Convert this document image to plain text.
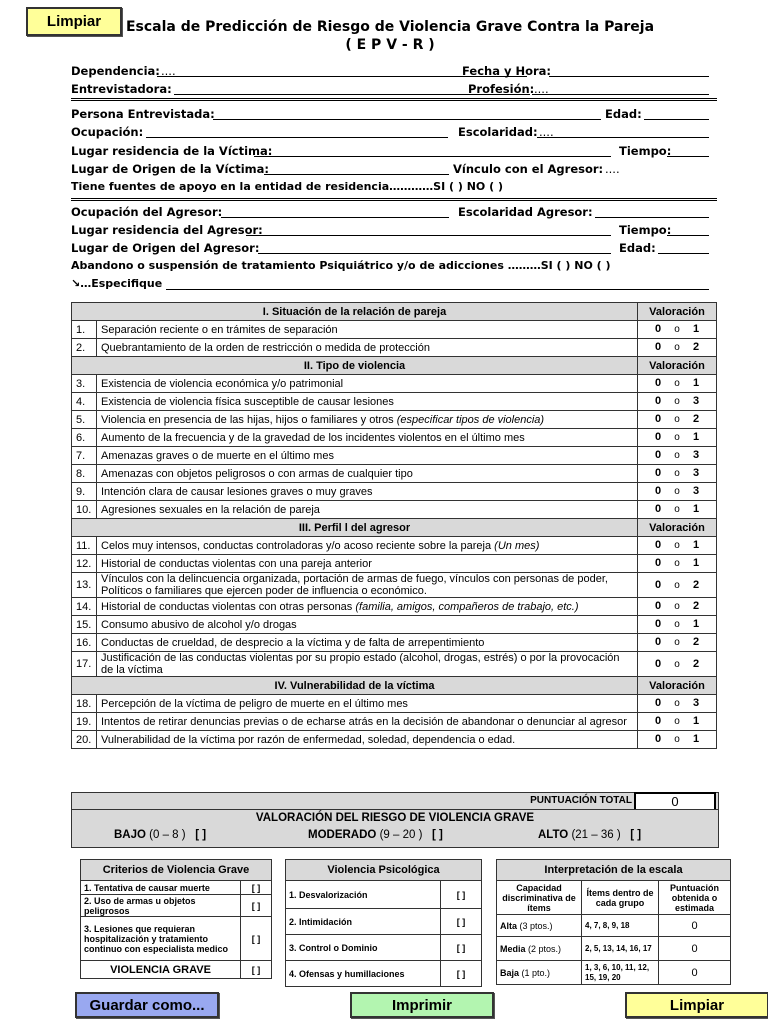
Limpiar	Escala de Predicción de Riesgo de Violencia Grave Contra la Pareja
( E P V - R )
Dependencia: ....	Fecha y Hora:
Entrevistadora:	Profesión: ....
Persona Entrevistada:	Edad:
Ocupación:	Escolaridad: ....
Lugar residencia de la Víctima:	Tiempo:
Lugar de Origen de la Víctima:	Vínculo con el Agresor: ....
Tiene fuentes de apoyo en la entidad de residencia…………SI ( ) NO ( )
Ocupación del Agresor:	Escolaridad Agresor:
Lugar residencia del Agresor:	Tiempo:
Lugar de Origen del Agresor:	Edad:
Abandono o suspensión de tratamiento Psiquiátrico y/o de adicciones ………SI ( ) NO ( )
↘…Especifique
I. Situación de la relación de pareja		Valoración
1.	Separación reciente o en trámites de separación	0 o 1
2.	Quebrantamiento de la orden de restricción o medida de protección	0 o 2
II. Tipo de violencia		Valoración
3.	Existencia de violencia económica y/o patrimonial	0 o 1
4.	Existencia de violencia física susceptible de causar lesiones	0 o 3
5.	Violencia en presencia de las hijas, hijos o familiares y otros (especificar tipos de violencia)	0 o 2
6.	Aumento de la frecuencia y de la gravedad de los incidentes violentos en el último mes	0 o 1
7.	Amenazas graves o de muerte en el último mes	0 o 3
8.	Amenazas con objetos peligrosos o con armas de cualquier tipo	0 o 3
9.	Intención clara de causar lesiones graves o muy graves	0 o 3
10.	Agresiones sexuales en la relación de pareja	0 o 1
III. Perfil l del agresor		Valoración
11.	Celos muy intensos, conductas controladoras y/o acoso reciente sobre la pareja (Un mes)	0 o 1
12.	Historial de conductas violentas con una pareja anterior	0 o 1
13.	Vínculos con la delincuencia organizada, portación de armas de fuego, vínculos con personas de poder, Políticos o familiares que ejercen poder de influencia o económico.	0 o 2
14.	Historial de conductas violentas con otras personas (familia, amigos, compañeros de trabajo, etc.)	0 o 2
15.	Consumo abusivo de alcohol y/o drogas	0 o 1
16.	Conductas de crueldad, de desprecio a la víctima y de falta de arrepentimiento	0 o 2
17.	Justificación de las conductas violentas por su propio estado (alcohol, drogas, estrés) o por la provocación de la víctima	0 o 2
IV. Vulnerabilidad de la víctima		Valoración
18.	Percepción de la víctima de peligro de muerte en el último mes	0 o 3
19.	Intentos de retirar denuncias previas o de echarse atrás en la decisión de abandonar o denunciar al agresor	0 o 1
20.	Vulnerabilidad de la víctima por razón de enfermedad, soledad, dependencia o edad.	0 o 1
PUNTUACIÓN TOTAL	0
VALORACIÓN DEL RIESGO DE VIOLENCIA GRAVE
BAJO (0 – 8 ) [ ]	MODERADO (9 – 20 ) [ ]	ALTO (21 – 36 ) [ ]
Criterios de Violencia Grave	
1. Tentativa de causar muerte	[ ]
2. Uso de armas u objetos peligrosos	[ ]
3. Lesiones que requieran hospitalización y tratamiento continuo con especialista medico	[ ]
VIOLENCIA GRAVE	[ ]
Violencia Psicológica	
1. Desvalorización	[ ]
2. Intimidación	[ ]
3. Control o Dominio	[ ]
4. Ofensas y humillaciones	[ ]
Interpretación de la escala		
Capacidad discriminativa de ítems	Ítems dentro de cada grupo	Puntuación obtenida o estimada
Alta (3 ptos.)	4, 7, 8, 9, 18	0
Media (2 ptos.)	2, 5, 13, 14, 16, 17	0
Baja (1 pto.)	1, 3, 6, 10, 11, 12, 15, 19, 20	0
Guardar como...	Imprimir	Limpiar
